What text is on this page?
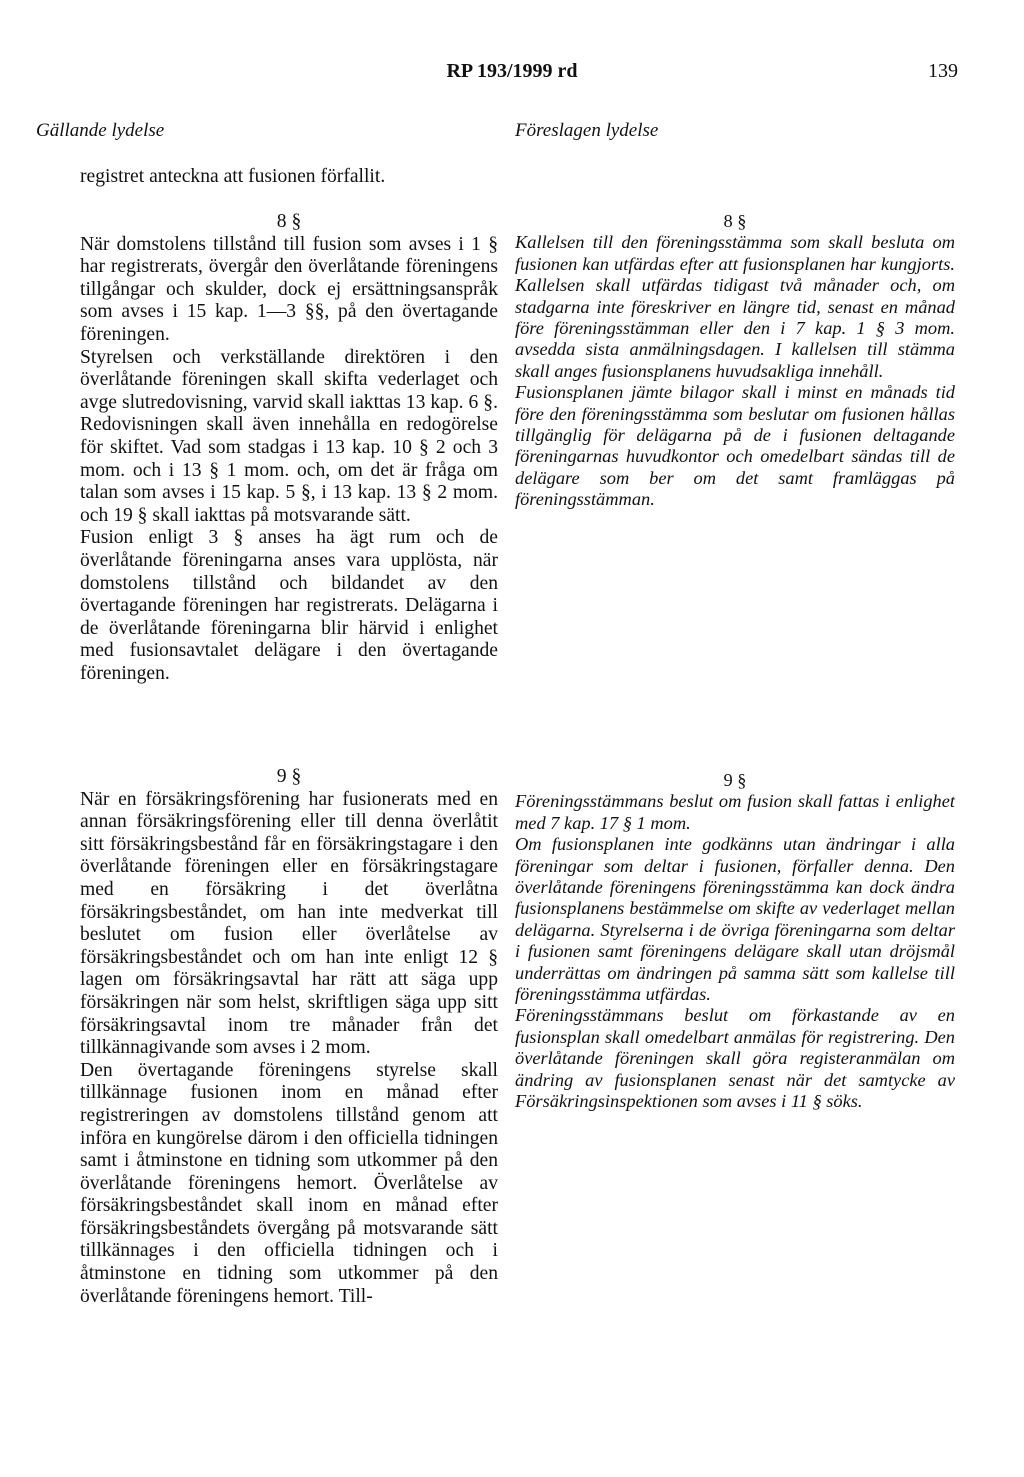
RP 193/1999 rd	139
Gällande lydelse	Föreslagen lydelse

registret anteckna att fusionen förfallit.

8 §

När domstolens tillstånd till fusion som avses i 1 § har registrerats, övergår den överlåtande föreningens tillgångar och skulder, dock ej ersättningsanspråk som avses i 15 kap. 1—3 §§, på den övertagande föreningen.

Styrelsen och verkställande direktören i den överlåtande föreningen skall skifta vederlaget och avge slutredovisning, varvid skall iakttas 13 kap. 6 §. Redovisningen skall även innehålla en redogörelse för skiftet. Vad som stadgas i 13 kap. 10 § 2 och 3 mom. och i 13 § 1 mom. och, om det är fråga om talan som avses i 15 kap. 5 §, i 13 kap. 13 § 2 mom. och 19 § skall iakttas på motsvarande sätt.

Fusion enligt 3 § anses ha ägt rum och de överlåtande föreningarna anses vara upplösta, när domstolens tillstånd och bildandet av den övertagande föreningen har registrerats. Delägarna i de överlåtande föreningarna blir härvid i enlighet med fusionsavtalet delägare i den övertagande föreningen.

9 §

När en försäkringsförening har fusionerats med en annan försäkringsförening eller till denna överlåtit sitt försäkringsbestånd får en försäkringstagare i den överlåtande föreningen eller en försäkringstagare med en försäkring i det överlåtna försäkringsbeståndet, om han inte medverkat till beslutet om fusion eller överlåtelse av försäkringsbeståndet och om han inte enligt 12 § lagen om försäkringsavtal har rätt att säga upp försäkringen när som helst, skriftligen säga upp sitt försäkringsavtal inom tre månader från det tillkännagivande som avses i 2 mom.

Den övertagande föreningens styrelse skall tillkännage fusionen inom en månad efter registreringen av domstolens tillstånd genom att införa en kungörelse därom i den officiella tidningen samt i åtminstone en tidning som utkommer på den överlåtande föreningens hemort. Överlåtelse av försäkringsbeståndet skall inom en månad efter försäkringsbeståndets övergång på motsvarande sätt tillkännages i den officiella tidningen och i åtminstone en tidning som utkommer på den överlåtande föreningens hemort. Till-

8 §

Kallelsen till den föreningsstämma som skall besluta om fusionen kan utfärdas efter att fusionsplanen har kungjorts. Kallelsen skall utfärdas tidigast två månader och, om stadgarna inte föreskriver en längre tid, senast en månad före föreningsstämman eller den i 7 kap. 1 § 3 mom. avsedda sista anmälningsdagen. I kallelsen till stämma skall anges fusionsplanens huvudsakliga innehåll.

Fusionsplanen jämte bilagor skall i minst en månads tid före den föreningsstämma som beslutar om fusionen hållas tillgänglig för delägarna på de i fusionen deltagande föreningarnas huvudkontor och omedelbart sändas till de delägare som ber om det samt framläggas på föreningsstämman.

9 §

Föreningsstämmans beslut om fusion skall fattas i enlighet med 7 kap. 17 § 1 mom.

Om fusionsplanen inte godkänns utan ändringar i alla föreningar som deltar i fusionen, förfaller denna. Den överlåtande föreningens föreningsstämma kan dock ändra fusionsplanens bestämmelse om skifte av vederlaget mellan delägarna. Styrelserna i de övriga föreningarna som deltar i fusionen samt föreningens delägare skall utan dröjsmål underrättas om ändringen på samma sätt som kallelse till föreningsstämma utfärdas.

Föreningsstämmans beslut om förkastande av en fusionsplan skall omedelbart anmälas för registrering. Den överlåtande föreningen skall göra registeranmälan om ändring av fusionsplanen senast när det samtycke av Försäkringsinspektionen som avses i 11 § söks.
